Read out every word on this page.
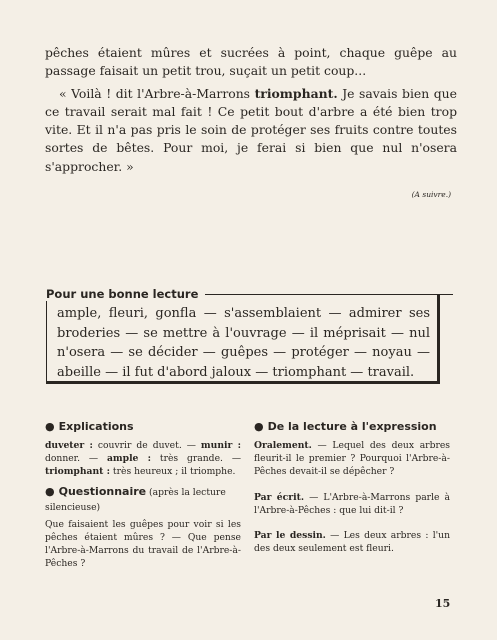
pêches étaient mûres et sucrées à point, chaque guêpe au passage faisait un petit trou, suçait un petit coup...

« Voilà ! dit l'Arbre-à-Marrons triomphant. Je savais bien que ce travail serait mal fait ! Ce petit bout d'arbre a été bien trop vite. Et il n'a pas pris le soin de protéger ses fruits contre toutes sortes de bêtes. Pour moi, je ferai si bien que nul n'osera s'approcher. »

(A suivre.)
Pour une bonne lecture

ample, fleuri, gonfla — s'assemblaient — admirer ses broderies — se mettre à l'ouvrage — il méprisait — nul n'osera — se décider — guêpes — protéger — noyau — abeille — il fut d'abord jaloux — triomphant — travail.

● Explications

duveter : couvrir de duvet. — munir : donner. — ample : très grande. — triomphant : très heureux ; il triomphe.

● Questionnaire (après la lecture silencieuse)

Que faisaient les guêpes pour voir si les pêches étaient mûres ? — Que pense l'Arbre-à-Marrons du travail de l'Arbre-à-Pêches ?

● De la lecture à l'expression

Oralement. — Lequel des deux arbres fleurit-il le premier ? Pourquoi l'Arbre-à-Pêches devait-il se dépêcher ?

Par écrit. — L'Arbre-à-Marrons parle à l'Arbre-à-Pêches : que lui dit-il ?

Par le dessin. — Les deux arbres : l'un des deux seulement est fleuri.

15
